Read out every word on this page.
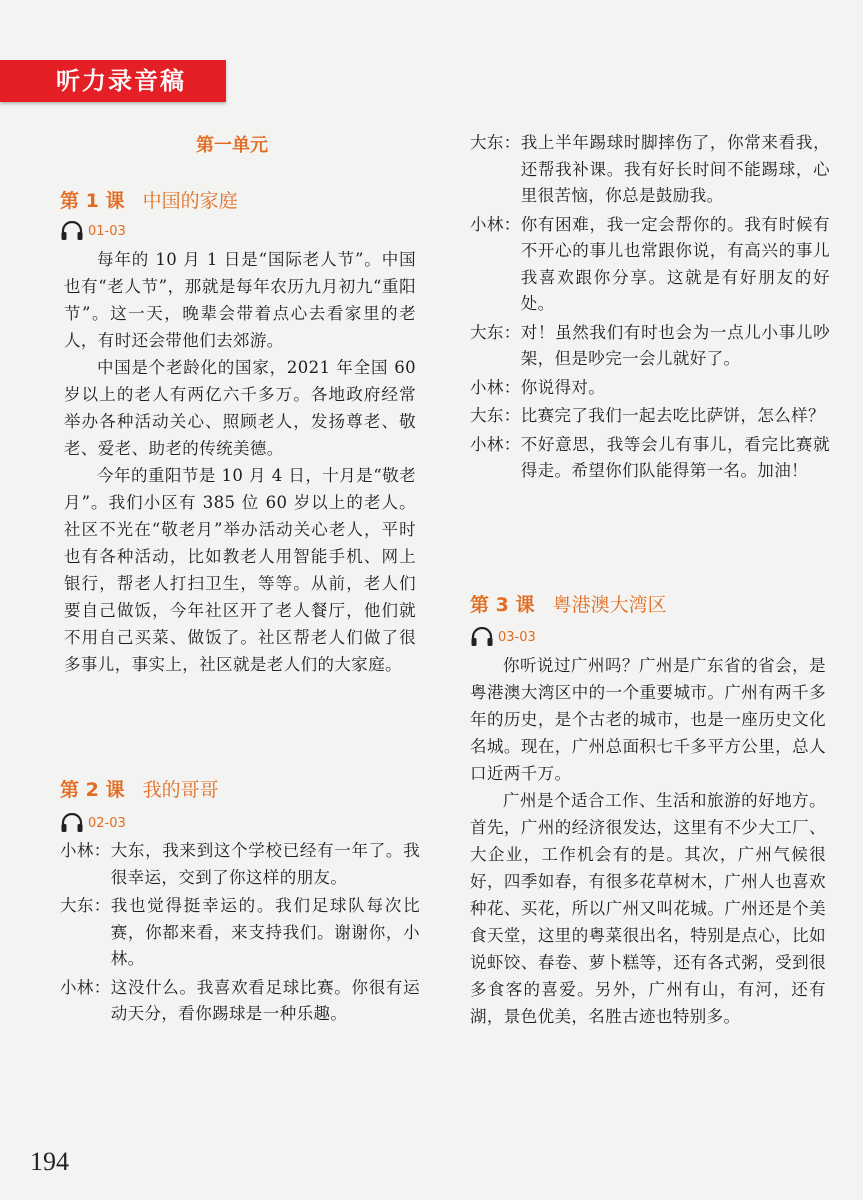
听力录音稿
第一单元
第 1 课 中国的家庭
01-03

每年的 10 月 1 日是“国际老人节”。中国也有“老人节”，那就是每年农历九月初九“重阳节”。这一天，晚辈会带着点心去看家里的老人，有时还会带他们去郊游。

中国是个老龄化的国家，2021 年全国 60 岁以上的老人有两亿六千多万。各地政府经常举办各种活动关心、照顾老人，发扬尊老、敬老、爱老、助老的传统美德。

今年的重阳节是 10 月 4 日，十月是“敬老月”。我们小区有 385 位 60 岁以上的老人。社区不光在“敬老月”举办活动关心老人，平时也有各种活动，比如教老人用智能手机、网上银行，帮老人打扫卫生，等等。从前，老人们要自己做饭，今年社区开了老人餐厅，他们就不用自己买菜、做饭了。社区帮老人们做了很多事儿，事实上，社区就是老人们的大家庭。

第 2 课 我的哥哥
02-03
小林： 大东，我来到这个学校已经有一年了。我很幸运，交到了你这样的朋友。
大东： 我也觉得挺幸运的。我们足球队每次比赛，你都来看，来支持我们。谢谢你，小林。
小林： 这没什么。我喜欢看足球比赛。你很有运动天分，看你踢球是一种乐趣。
大东： 我上半年踢球时脚摔伤了，你常来看我，还帮我补课。我有好长时间不能踢球，心里很苦恼，你总是鼓励我。
小林： 你有困难，我一定会帮你的。我有时候有不开心的事儿也常跟你说，有高兴的事儿我喜欢跟你分享。这就是有好朋友的好处。
大东： 对！虽然我们有时也会为一点儿小事儿吵架，但是吵完一会儿就好了。
小林： 你说得对。
大东： 比赛完了我们一起去吃比萨饼，怎么样？
小林： 不好意思，我等会儿有事儿，看完比赛就得走。希望你们队能得第一名。加油！
第 3 课 粤港澳大湾区
03-03

你听说过广州吗？广州是广东省的省会，是粤港澳大湾区中的一个重要城市。广州有两千多年的历史，是个古老的城市，也是一座历史文化名城。现在，广州总面积七千多平方公里，总人口近两千万。

广州是个适合工作、生活和旅游的好地方。首先，广州的经济很发达，这里有不少大工厂、大企业，工作机会有的是。其次，广州气候很好，四季如春，有很多花草树木，广州人也喜欢种花、买花，所以广州又叫花城。广州还是个美食天堂，这里的粤菜很出名，特别是点心，比如说虾饺、春卷、萝卜糕等，还有各式粥，受到很多食客的喜爱。另外，广州有山，有河，还有湖，景色优美，名胜古迹也特别多。

194
